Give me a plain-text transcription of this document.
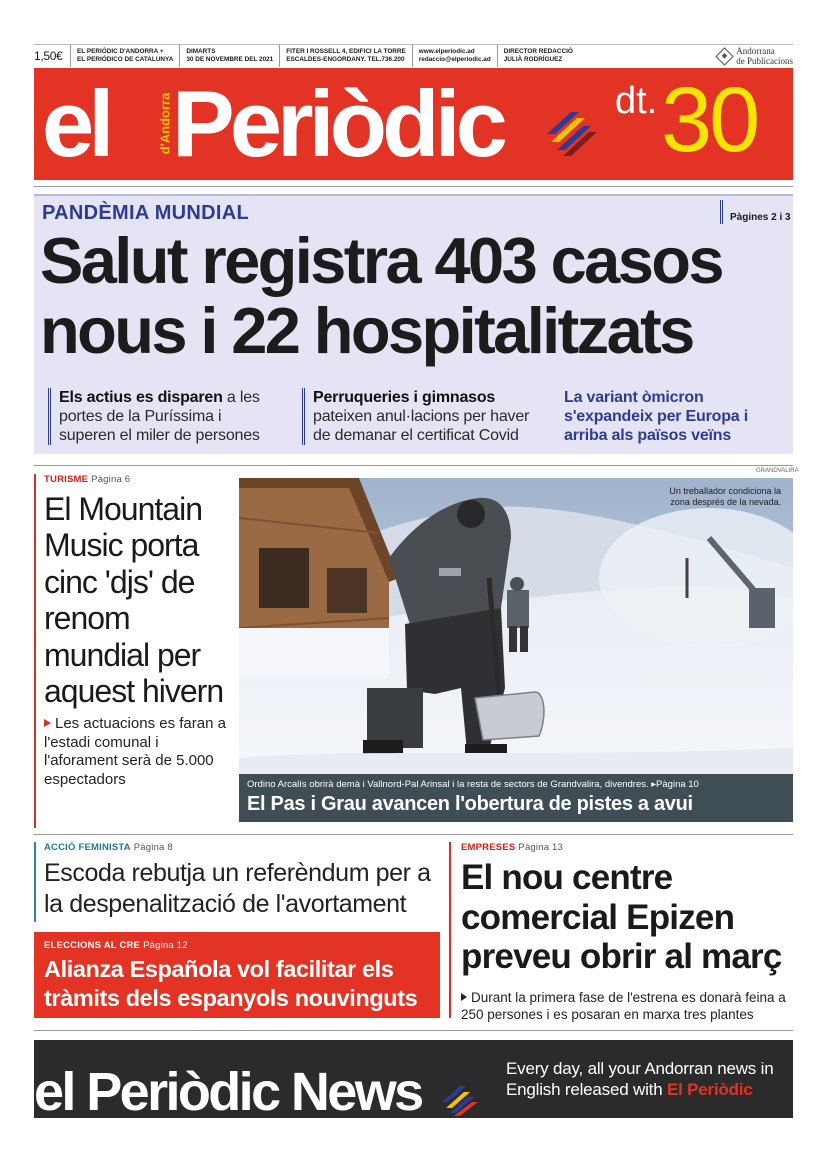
1,50€	EL PERIÒDIC D'ANDORRA +
EL PERIÓDICO DE CATALUNYA
DIMARTS
30 DE NOVEMBRE DEL 2021
FITER I ROSSELL 4, EDIFICI LA TORRE
ESCALDES-ENGORDANY. TEL.736.200
www.elperiodic.ad
redaccio@elperiodic.ad
DIRECTOR REDACCIÓ
JULIÀ RODRÍGUEZ
Andorrana
de Publicacions
el	d'Andorra Periòdic	dt. 30
PANDÈMIA MUNDIAL	Pàgines 2 i 3
Salut registra 403 casos nous i 22 hospitalitzats
Els actius es disparen a les portes de la Puríssima i superen el miler de persones
Perruqueries i gimnasos pateixen anul·lacions per haver de demanar el certificat Covid
La variant òmicron s'expandeix per Europa i arriba als països veïns
TURISME Pàgina 6
El Mountain Music porta cinc 'djs' de renom mundial per aquest hivern
Les actuacions es faran a l'estadi comunal i l'aforament serà de 5.000 espectadors
GRANDVALIRA
Un treballador condiciona la zona després de la nevada.
Ordino Arcalís obrirà demà i Vallnord-Pal Arinsal i la resta de sectors de Grandvalira, divendres. ▸Pàgina 10
El Pas i Grau avancen l'obertura de pistes a avui
ACCIÓ FEMINISTA Pàgina 8
Escoda rebutja un referèndum per a la despenalització de l'avortament
ELECCIONS AL CRE Pàgina 12
Alianza Española vol facilitar els tràmits dels espanyols nouvinguts
EMPRESES Pàgina 13
El nou centre comercial Epizen preveu obrir al març
Durant la primera fase de l'estrena es donarà feina a 250 persones i es posaran en marxa tres plantes
el Periòdic News	Every day, all your Andorran news in English released with El Periòdic
